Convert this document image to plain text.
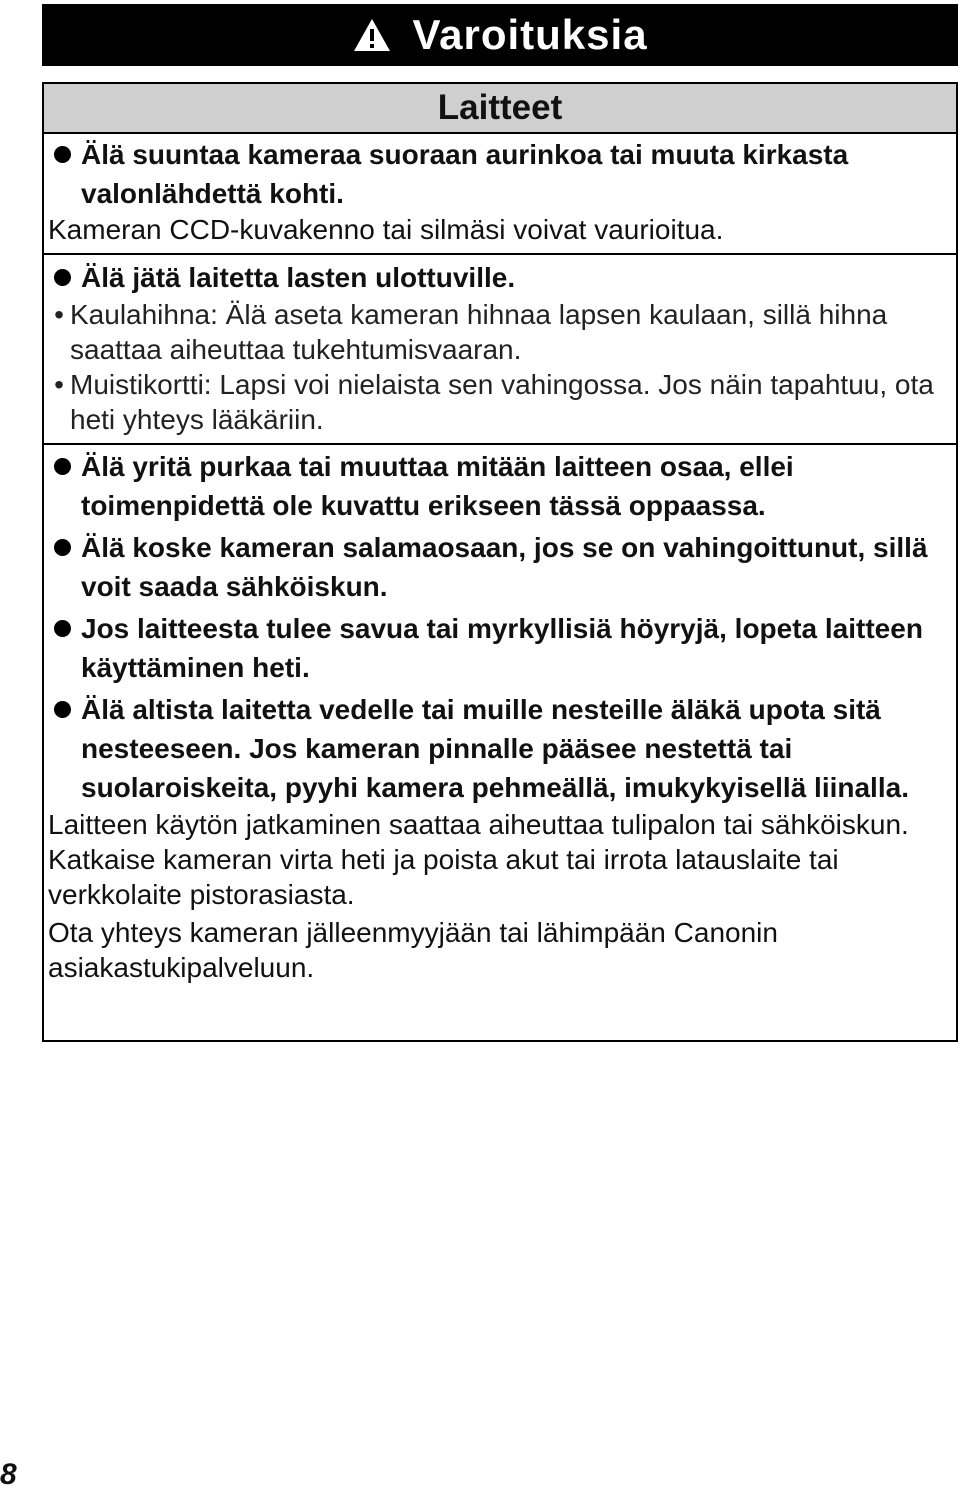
Varoituksia
Laitteet
Älä suuntaa kameraa suoraan aurinkoa tai muuta kirkasta valonlähdettä kohti.
Kameran CCD-kuvakenno tai silmäsi voivat vaurioitua.
Älä jätä laitetta lasten ulottuville.
• Kaulahihna: Älä aseta kameran hihnaa lapsen kaulaan, sillä hihna saattaa aiheuttaa tukehtumisvaaran.
• Muistikortti: Lapsi voi nielaista sen vahingossa. Jos näin tapahtuu, ota heti yhteys lääkäriin.
Älä yritä purkaa tai muuttaa mitään laitteen osaa, ellei toimenpidettä ole kuvattu erikseen tässä oppaassa.
Älä koske kameran salamaosaan, jos se on vahingoittunut, sillä voit saada sähköiskun.
Jos laitteesta tulee savua tai myrkyllisiä höyryjä, lopeta laitteen käyttäminen heti.
Älä altista laitetta vedelle tai muille nesteille äläkä upota sitä nesteeseen. Jos kameran pinnalle pääsee nestettä tai suolaroiskeita, pyyhi kamera pehmeällä, imukykyisellä liinalla.
Laitteen käytön jatkaminen saattaa aiheuttaa tulipalon tai sähköiskun. Katkaise kameran virta heti ja poista akut tai irrota latauslaite tai verkkolaite pistorasiasta.
Ota yhteys kameran jälleenmyyjään tai lähimpään Canonin asiakastukipalveluun.
8
